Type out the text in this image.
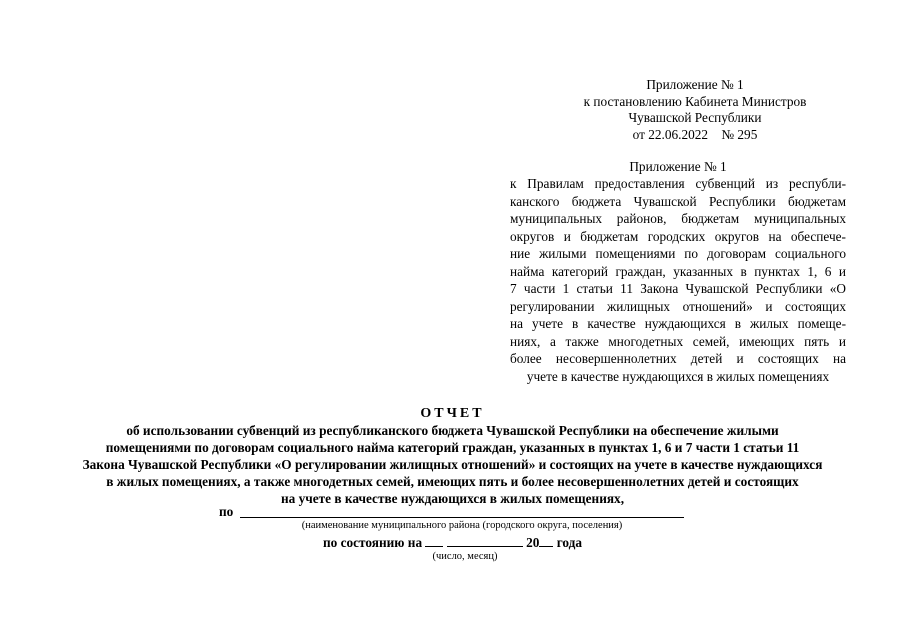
Приложение № 1
к постановлению Кабинета Министров
Чувашской Республики
от 22.06.2022    № 295
Приложение № 1
к Правилам предоставления субвенций из республи-
канского бюджета Чувашской Республики бюджетам
муниципальных районов, бюджетам муниципальных
округов и бюджетам городских округов на обеспече-
ние жилыми помещениями по договорам социального
найма категорий граждан, указанных в пунктах 1, 6 и
7 части 1 статьи 11 Закона Чувашской Республики «О
регулировании жилищных отношений» и состоящих
на учете в качестве нуждающихся в жилых помеще-
ниях, а также многодетных семей, имеющих пять и
более несовершеннолетних детей и состоящих на
учете в качестве нуждающихся в жилых помещениях
ОТЧЕТ
об использовании субвенций из республиканского бюджета Чувашской Республики на обеспечение жилыми
помещениями по договорам социального найма категорий граждан, указанных в пунктах 1, 6 и 7 части 1 статьи 11
Закона Чувашской Республики «О регулировании жилищных отношений» и состоящих на учете в качестве нуждающихся
в жилых помещениях, а также многодетных семей, имеющих пять и более несовершеннолетних детей и состоящих
на учете в качестве нуждающихся в жилых помещениях,
по
(наименование муниципального района (городского округа, поселения)
по состоянию на	20 года
(число, месяц)
